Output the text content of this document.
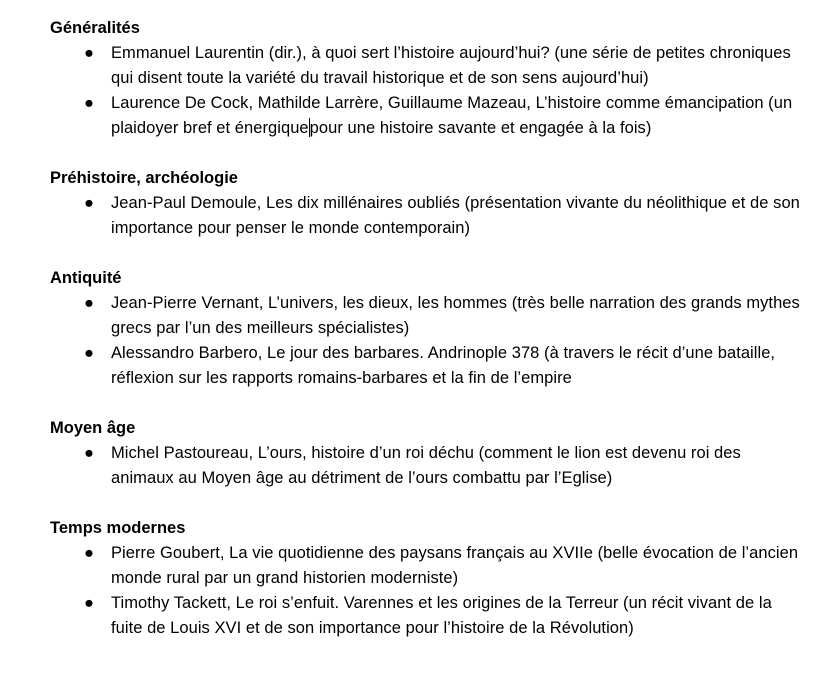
Généralités

● Emmanuel Laurentin (dir.), à quoi sert l’histoire aujourd’hui? (une série de petites chroniques qui disent toute la variété du travail historique et de son sens aujourd’hui)
● Laurence De Cock, Mathilde Larrère, Guillaume Mazeau, L’histoire comme émancipation (un plaidoyer bref et énergiquepour une histoire savante et engagée à la fois)

Préhistoire, archéologie

● Jean-Paul Demoule, Les dix millénaires oubliés (présentation vivante du néolithique et de son importance pour penser le monde contemporain)

Antiquité

● Jean-Pierre Vernant, L’univers, les dieux, les hommes (très belle narration des grands mythes grecs par l’un des meilleurs spécialistes)
● Alessandro Barbero, Le jour des barbares. Andrinople 378 (à travers le récit d’une bataille, réflexion sur les rapports romains-barbares et la fin de l’empire

Moyen âge

● Michel Pastoureau, L’ours, histoire d’un roi déchu (comment le lion est devenu roi des animaux au Moyen âge au détriment de l’ours combattu par l’Eglise)

Temps modernes

● Pierre Goubert, La vie quotidienne des paysans français au XVIIe (belle évocation de l’ancien monde rural par un grand historien moderniste)
● Timothy Tackett, Le roi s’enfuit. Varennes et les origines de la Terreur (un récit vivant de la fuite de Louis XVI et de son importance pour l’histoire de la Révolution)
